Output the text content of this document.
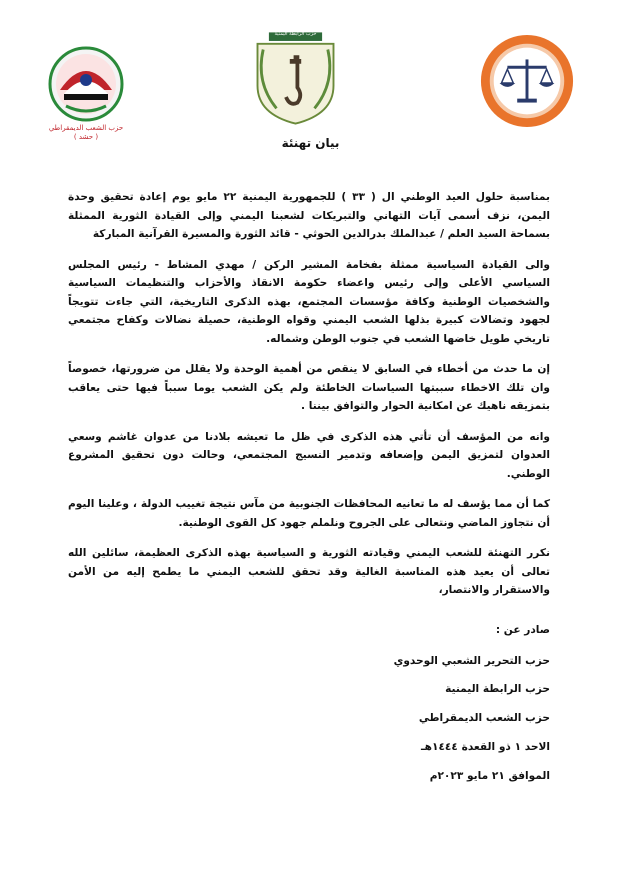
حزب الرابطة اليمنية
حزب الشعب الديمقراطي
( حشد )	بيان تهنئة

بمناسبة حلول العيد الوطني ال ( ٣٣ ) للجمهورية اليمنية ٢٢ مايو يوم إعادة تحقيق وحدة اليمن، نزف أسمى آيات التهاني والتبريكات لشعبنا اليمني وإلى القيادة الثورية الممثلة بسماحة السيد العلم / عبدالملك بدرالدين الحوثي - قائد الثورة والمسيرة القرآنية المباركة

والى القيادة السياسية ممثلة بفخامة المشير الركن / مهدي المشاط - رئيس المجلس السياسي الأعلى وإلى رئيس واعضاء حكومة الانقاذ والأحزاب والتنظيمات السياسية والشخصيات الوطنية وكافة مؤسسات المجتمع، بهذه الذكرى التاريخية، التي جاءت تتويجاً لجهود وتضالات كبيرة بذلها الشعب اليمني وقواه الوطنية، حصيلة نضالات وكفاح مجتمعي تاريخي طويل خاضها الشعب في جنوب الوطن وشماله.

إن ما حدث من أخطاء في السابق لا ينقص من أهمية الوحدة ولا يقلل من ضرورتها، خصوصاً وان تلك الاخطاء سببتها السياسات الخاطئة ولم يكن الشعب يوما سبباً فيها حتى يعاقب بتمزيقه ناهيك عن امكانية الحوار والتوافق بيننا .

وانه من المؤسف أن تأتي هذه الذكرى في ظل ما تعيشه بلادنا من عدوان غاشم وسعي العدوان لتمزيق اليمن وإضعافه وتدمير النسيج المجتمعي، وحالت دون تحقيق المشروع الوطني.

كما أن مما يؤسف له ما تعانيه المحافظات الجنوبية من مآس نتيجة تغييب الدولة ، وعلينا اليوم أن نتجاوز الماضي ونتعالى على الجروح ونلملم جهود كل القوى الوطنية.

نكرر التهنئة للشعب اليمني وقيادته الثورية و السياسية بهذه الذكرى العظيمة، سائلين الله تعالى أن يعيد هذه المناسبة الغالية وقد تحقق للشعب اليمني ما يطمح إليه من الأمن والاستقرار والانتصار،

صادر عن :
حزب التحرير الشعبي الوحدوي
حزب الرابطة اليمنية
حزب الشعب الديمقراطي
الاحد ١ ذو القعدة ١٤٤٤هـ
الموافق ٢١ مايو ٢٠٢٣م
